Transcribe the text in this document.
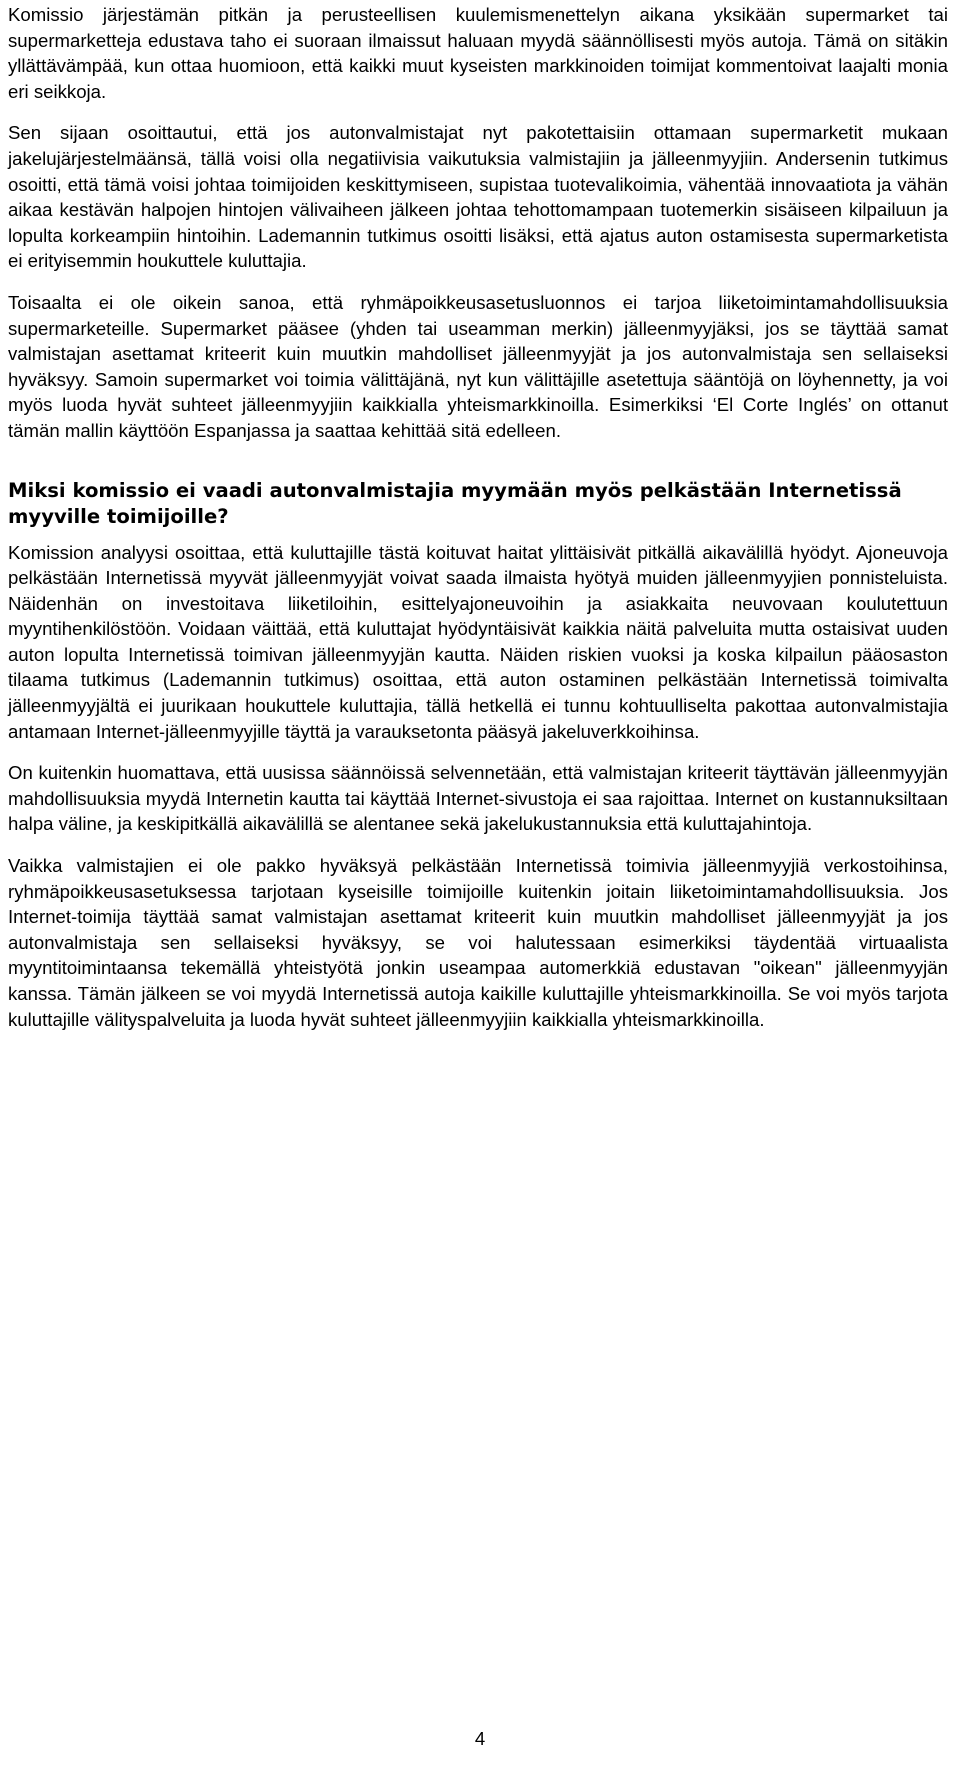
Komissio järjestämän pitkän ja perusteellisen kuulemismenettelyn aikana yksikään supermarket tai supermarketteja edustava taho ei suoraan ilmaissut haluaan myydä säännöllisesti myös autoja. Tämä on sitäkin yllättävämpää, kun ottaa huomioon, että kaikki muut kyseisten markkinoiden toimijat kommentoivat laajalti monia eri seikkoja.

Sen sijaan osoittautui, että jos autonvalmistajat nyt pakotettaisiin ottamaan supermarketit mukaan jakelujärjestelmäänsä, tällä voisi olla negatiivisia vaikutuksia valmistajiin ja jälleenmyyjiin. Andersenin tutkimus osoitti, että tämä voisi johtaa toimijoiden keskittymiseen, supistaa tuotevalikoimia, vähentää innovaatiota ja vähän aikaa kestävän halpojen hintojen välivaiheen jälkeen johtaa tehottomampaan tuotemerkin sisäiseen kilpailuun ja lopulta korkeampiin hintoihin. Lademannin tutkimus osoitti lisäksi, että ajatus auton ostamisesta supermarketista ei erityisemmin houkuttele kuluttajia.

Toisaalta ei ole oikein sanoa, että ryhmäpoikkeusasetusluonnos ei tarjoa liiketoimintamahdollisuuksia supermarketeille. Supermarket pääsee (yhden tai useamman merkin) jälleenmyyjäksi, jos se täyttää samat valmistajan asettamat kriteerit kuin muutkin mahdolliset jälleenmyyjät ja jos autonvalmistaja sen sellaiseksi hyväksyy. Samoin supermarket voi toimia välittäjänä, nyt kun välittäjille asetettuja sääntöjä on löyhennetty, ja voi myös luoda hyvät suhteet jälleenmyyjiin kaikkialla yhteismarkkinoilla. Esimerkiksi ‘El Corte Inglés’ on ottanut tämän mallin käyttöön Espanjassa ja saattaa kehittää sitä edelleen.

Miksi komissio ei vaadi autonvalmistajia myymään myös pelkästään Internetissä myyville toimijoille?

Komission analyysi osoittaa, että kuluttajille tästä koituvat haitat ylittäisivät pitkällä aikavälillä hyödyt. Ajoneuvoja pelkästään Internetissä myyvät jälleenmyyjät voivat saada ilmaista hyötyä muiden jälleenmyyjien ponnisteluista. Näidenhän on investoitava liiketiloihin, esittelyajoneuvoihin ja asiakkaita neuvovaan koulutettuun myyntihenkilöstöön. Voidaan väittää, että kuluttajat hyödyntäisivät kaikkia näitä palveluita mutta ostaisivat uuden auton lopulta Internetissä toimivan jälleenmyyjän kautta. Näiden riskien vuoksi ja koska kilpailun pääosaston tilaama tutkimus (Lademannin tutkimus) osoittaa, että auton ostaminen pelkästään Internetissä toimivalta jälleenmyyjältä ei juurikaan houkuttele kuluttajia, tällä hetkellä ei tunnu kohtuulliselta pakottaa autonvalmistajia antamaan Internet-jälleenmyyjille täyttä ja varauksetonta pääsyä jakeluverkkoihinsa.

On kuitenkin huomattava, että uusissa säännöissä selvennetään, että valmistajan kriteerit täyttävän jälleenmyyjän mahdollisuuksia myydä Internetin kautta tai käyttää Internet-sivustoja ei saa rajoittaa. Internet on kustannuksiltaan halpa väline, ja keskipitkällä aikavälillä se alentanee sekä jakelukustannuksia että kuluttajahintoja.

Vaikka valmistajien ei ole pakko hyväksyä pelkästään Internetissä toimivia jälleenmyyjiä verkostoihinsa, ryhmäpoikkeusasetuksessa tarjotaan kyseisille toimijoille kuitenkin joitain liiketoimintamahdollisuuksia. Jos Internet-toimija täyttää samat valmistajan asettamat kriteerit kuin muutkin mahdolliset jälleenmyyjät ja jos autonvalmistaja sen sellaiseksi hyväksyy, se voi halutessaan esimerkiksi täydentää virtuaalista myyntitoimintaansa tekemällä yhteistyötä jonkin useampaa automerkkiä edustavan "oikean" jälleenmyyjän kanssa. Tämän jälkeen se voi myydä Internetissä autoja kaikille kuluttajille yhteismarkkinoilla. Se voi myös tarjota kuluttajille välityspalveluita ja luoda hyvät suhteet jälleenmyyjiin kaikkialla yhteismarkkinoilla.

4
